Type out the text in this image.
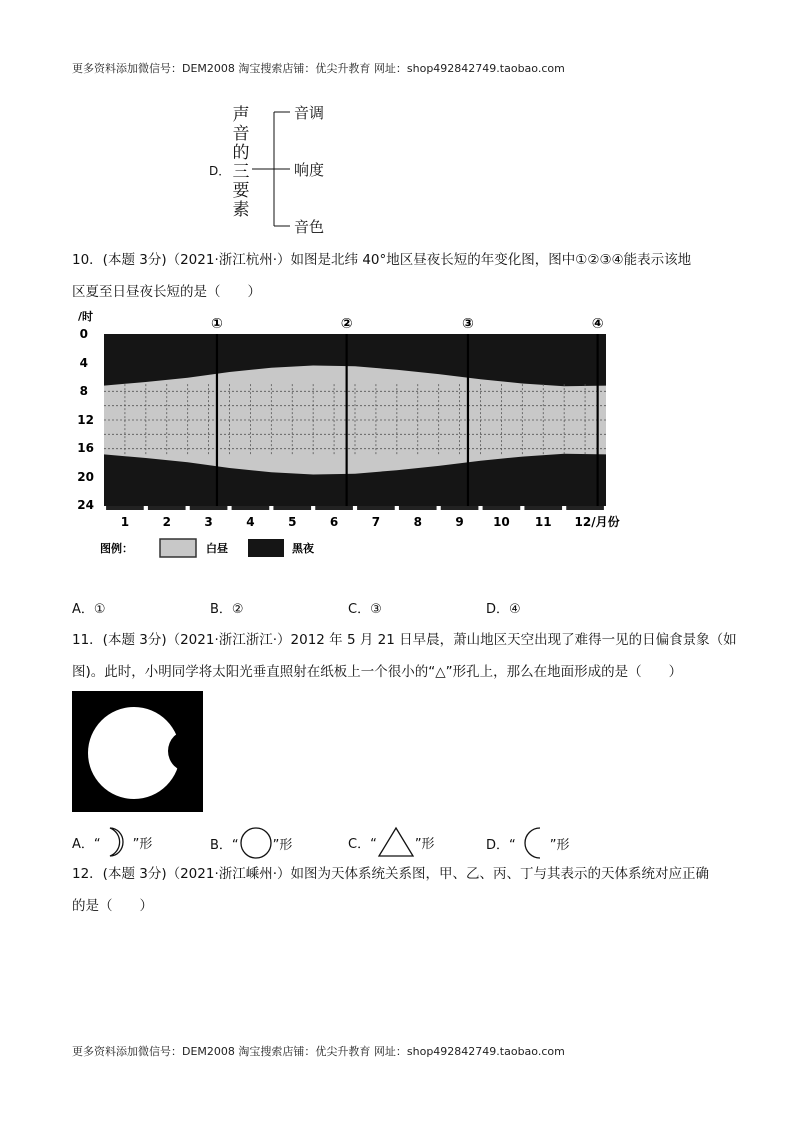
更多资料添加微信号：DEM2008 淘宝搜索店铺：优尖升教育 网址：shop492842749.taobao.com
D．
声
音
的
三
要
素
音调
响度
音色
10．(本题 3分)（2021·浙江杭州·）如图是北纬 40°地区昼夜长短的年变化图，图中①②③④能表示该地
区夏至日昼夜长短的是（　　）
/时
0
4
8
12
16
20
24
1	2	3	4	5	6	7	8	9 10 11 12/月份
①	②	③	④
图例：	白昼	黑夜
A．①	B．②	C．③	D．④
11．(本题 3分)（2021·浙江浙江·）2012 年 5 月 21 日早晨，萧山地区天空出现了难得一见的日偏食景象（如
图)。此时，小明同学将太阳光垂直照射在纸板上一个很小的“△”形孔上，那么在地面形成的是（　　）
A．“ ”形	B．“	”形	C．“	”形	D．“	”形
12．(本题 3分)（2021·浙江嵊州·）如图为天体系统关系图，甲、乙、丙、丁与其表示的天体系统对应正确
的是（　　）
更多资料添加微信号：DEM2008 淘宝搜索店铺：优尖升教育 网址：shop492842749.taobao.com
